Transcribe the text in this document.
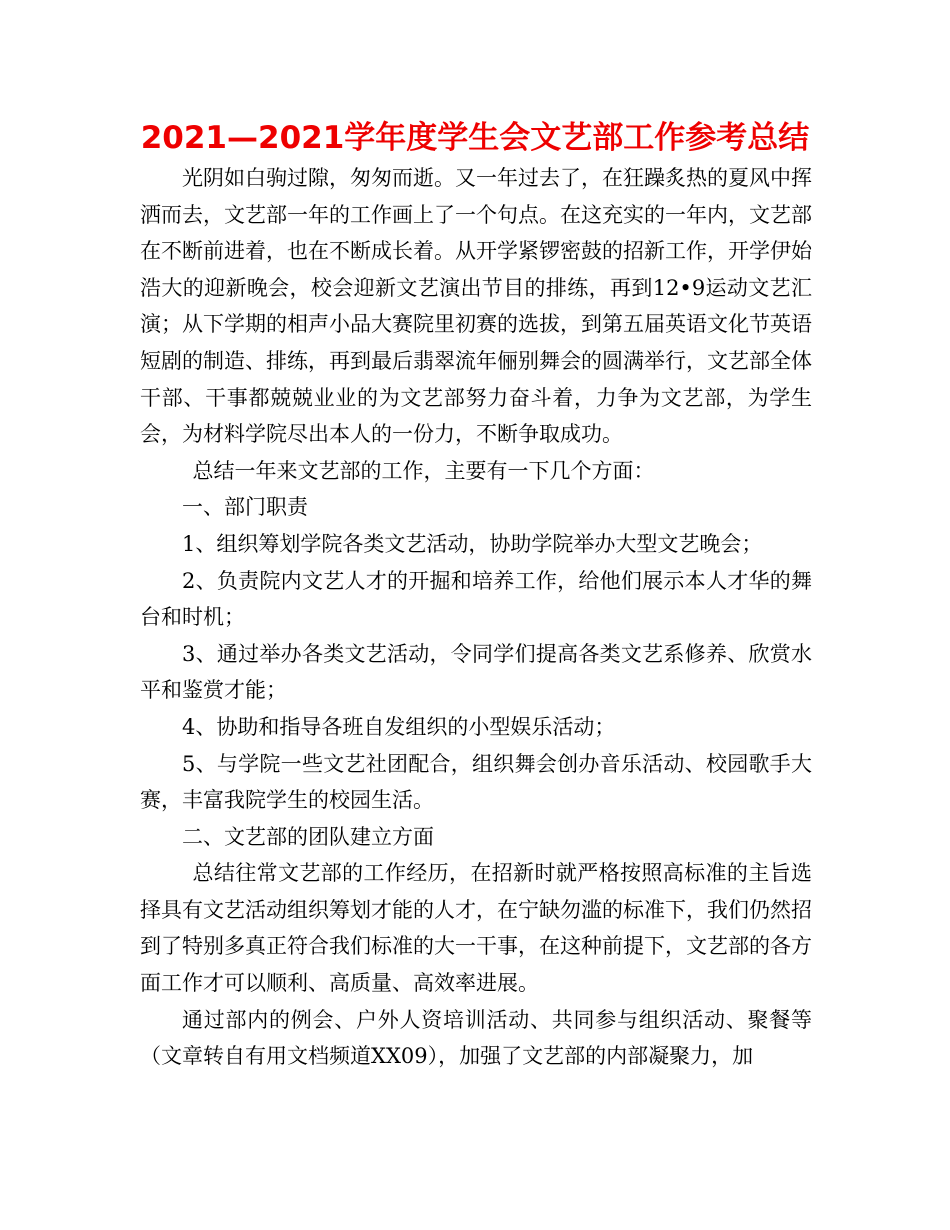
2021—2021学年度学生会文艺部工作参考总结

光阴如白驹过隙，匆匆而逝。又一年过去了，在狂躁炙热的夏风中挥洒而去，文艺部一年的工作画上了一个句点。在这充实的一年内，文艺部在不断前进着，也在不断成长着。从开学紧锣密鼓的招新工作，开学伊始浩大的迎新晚会，校会迎新文艺演出节目的排练，再到12•9运动文艺汇演；从下学期的相声小品大赛院里初赛的选拔，到第五届英语文化节英语短剧的制造、排练，再到最后翡翠流年俪别舞会的圆满举行，文艺部全体干部、干事都兢兢业业的为文艺部努力奋斗着，力争为文艺部，为学生会，为材料学院尽出本人的一份力，不断争取成功。

总结一年来文艺部的工作，主要有一下几个方面：

一、部门职责

1、组织筹划学院各类文艺活动，协助学院举办大型文艺晚会；

2、负责院内文艺人才的开掘和培养工作，给他们展示本人才华的舞台和时机；

3、通过举办各类文艺活动，令同学们提高各类文艺系修养、欣赏水平和鉴赏才能；

4、协助和指导各班自发组织的小型娱乐活动；

5、与学院一些文艺社团配合，组织舞会创办音乐活动、校园歌手大赛，丰富我院学生的校园生活。

二、文艺部的团队建立方面

总结往常文艺部的工作经历，在招新时就严格按照高标准的主旨选择具有文艺活动组织筹划才能的人才，在宁缺勿滥的标准下，我们仍然招到了特别多真正符合我们标准的大一干事，在这种前提下，文艺部的各方面工作才可以顺利、高质量、高效率进展。

通过部内的例会、户外人资培训活动、共同参与组织活动、聚餐等（文章转自有用文档频道XX09），加强了文艺部的内部凝聚力，加
